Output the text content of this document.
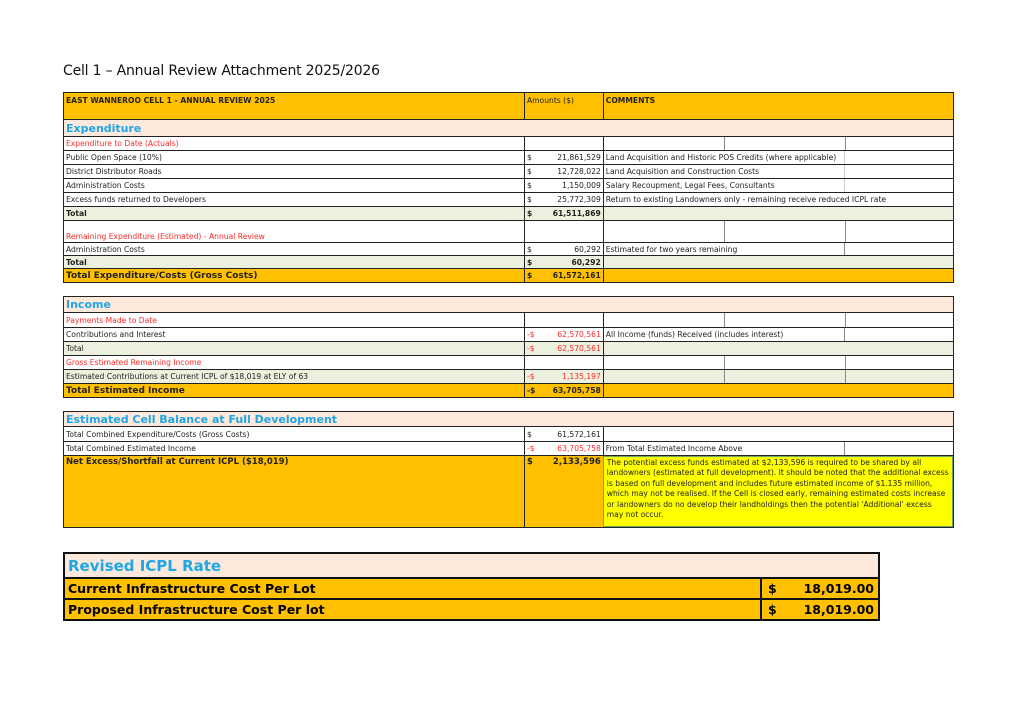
Cell 1 – Annual Review Attachment 2025/2026
EAST WANNEROO CELL 1 - ANNUAL REVIEW 2025	Amounts ($)	COMMENTS
Expenditure
Expenditure to Date (Actuals)
Public Open Space (10%)	$	21,861,529 Land Acquisition and Historic POS Credits (where applicable)
District Distributor Roads	$	12,728,022 Land Acquisition and Construction Costs
Administration Costs	$	1,150,009 Salary Recoupment, Legal Fees, Consultants
Excess funds returned to Developers	$	25,772,309 Return to existing Landowners only - remaining receive reduced ICPL rate
Total	$	61,511,869
Remaining Expenditure (Estimated) - Annual Review
Administration Costs	$	60,292 Estimated for two years remaining
Total	$	60,292
Total Expenditure/Costs (Gross Costs)	$	61,572,161
Income
Payments Made to Date
Contributions and Interest	-$	62,570,561 All Income (funds) Received (includes interest)
Total	-$	62,570,561
Gross Estimated Remaining Income
Estimated Contributions at Current ICPL of $18,019 at ELY of 63	-$	1,135,197
Total Estimated Income	-$ 63,705,758
Estimated Cell Balance at Full Development
Total Combined Expenditure/Costs (Gross Costs)	$	61,572,161
Total Combined Estimated Income	-$	63,705,758 From Total Estimated Income Above
Net Excess/Shortfall at Current ICPL ($18,019)	$ 2,133,596 The potential excess funds estimated at $2,133,596 is required to be shared by all landowners (estimated at full development). It should be noted that the additional excess is based on full development and includes future estimated income of $1.135 million, which may not be realised. If the Cell is closed early, remaining estimated costs increase or landowners do no develop their landholdings then the potential 'Additional' excess may not occur.
Revised ICPL Rate
Current Infrastructure Cost Per Lot	$ 18,019.00
Proposed Infrastructure Cost Per lot	$ 18,019.00
